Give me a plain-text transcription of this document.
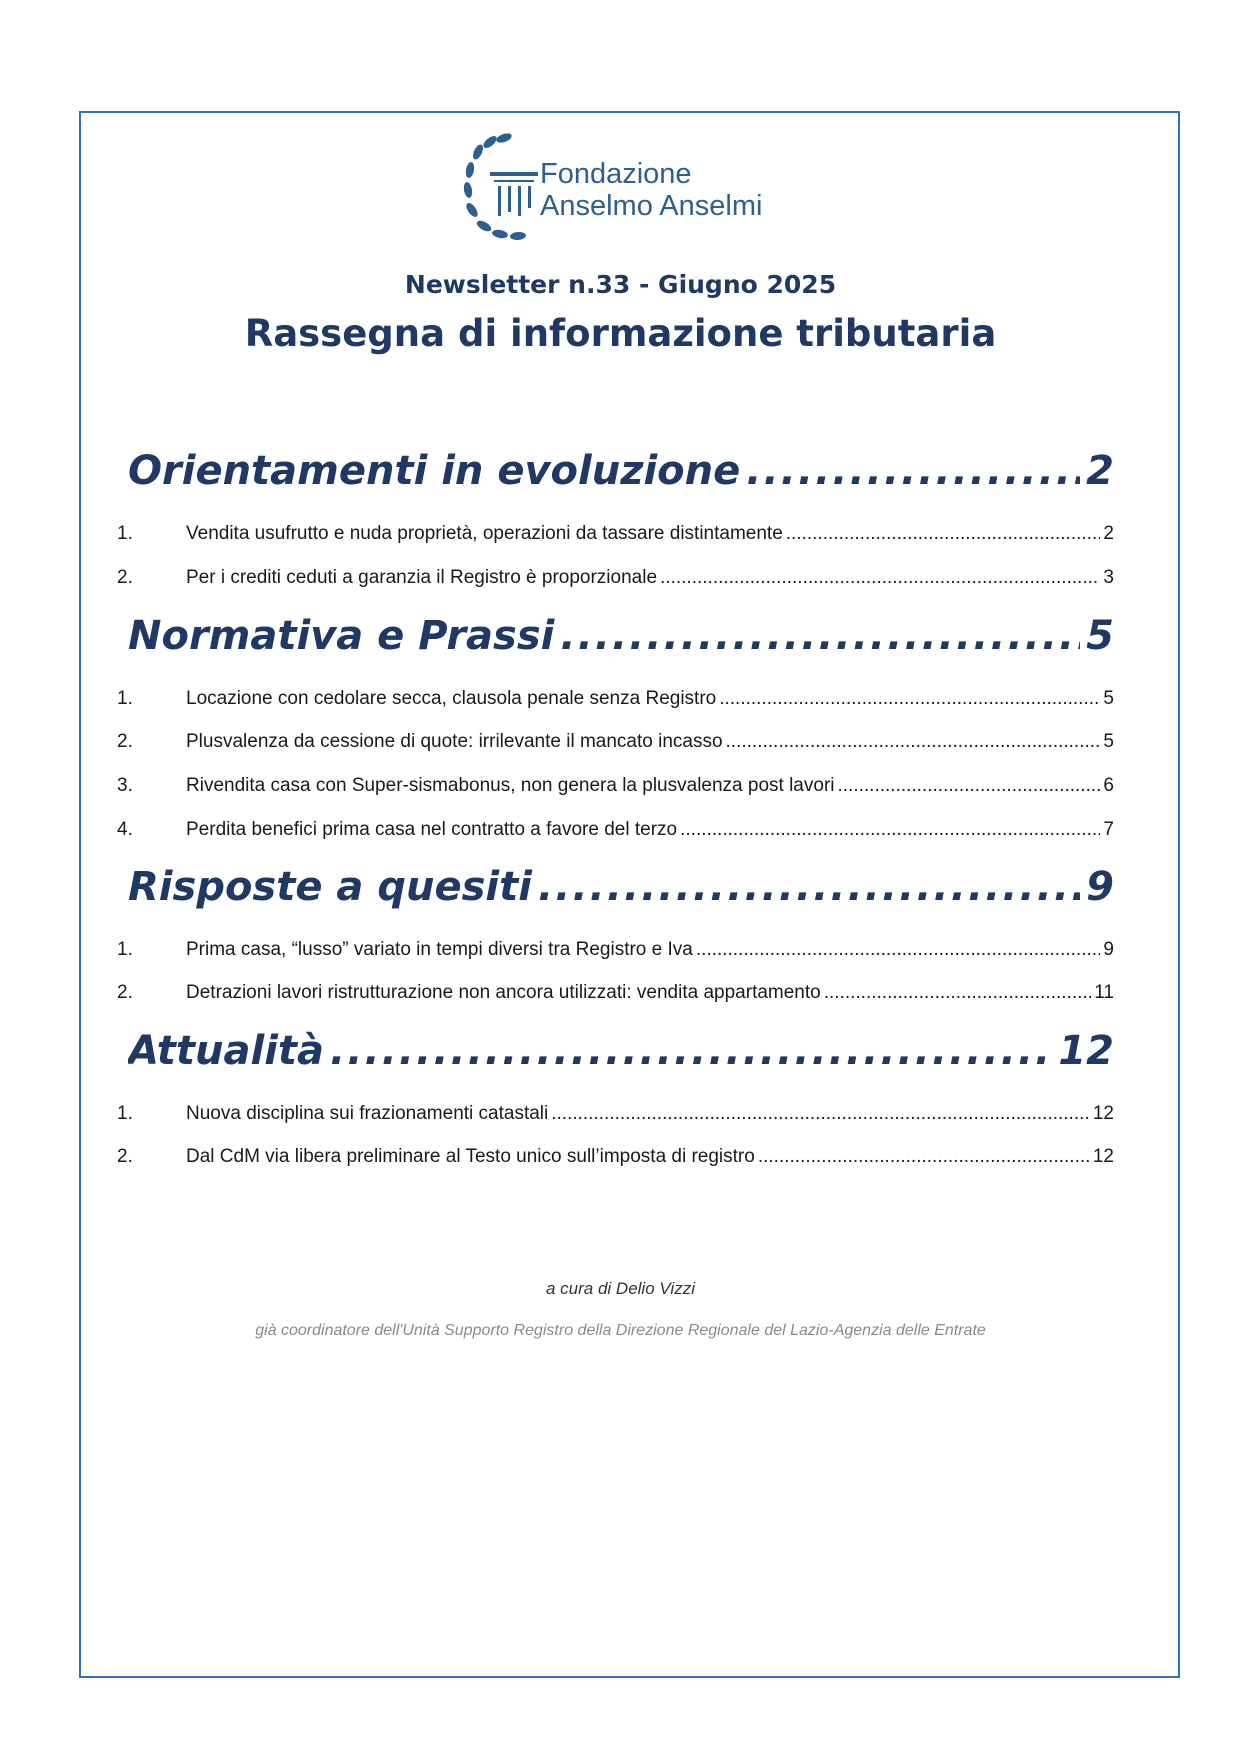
Fondazione
Anselmo Anselmi
Newsletter n.33 - Giugno 2025
Rassegna di informazione tributaria
Orientamenti in evoluzione .....	2
1.	Vendita usufrutto e nuda proprietà, operazioni da tassare distintamente .....	2
2.	Per i crediti ceduti a garanzia il Registro è proporzionale .....	3
Normativa e Prassi .....	5
1.	Locazione con cedolare secca, clausola penale senza Registro .....	5
2.	Plusvalenza da cessione di quote: irrilevante il mancato incasso .....	5
3.	Rivendita casa con Super-sismabonus, non genera la plusvalenza post lavori .....	6
4.	Perdita benefici prima casa nel contratto a favore del terzo .....	7
Risposte a quesiti .....	9
1.	Prima casa, “lusso” variato in tempi diversi tra Registro e Iva .....	9
2.	Detrazioni lavori ristrutturazione non ancora utilizzati: vendita appartamento .....	11
Attualità .....	12
1.	Nuova disciplina sui frazionamenti catastali .....	12
2.	Dal CdM via libera preliminare al Testo unico sull’imposta di registro .....	12
a cura di Delio Vizzi
già coordinatore dell'Unità Supporto Registro della Direzione Regionale del Lazio-Agenzia delle Entrate
